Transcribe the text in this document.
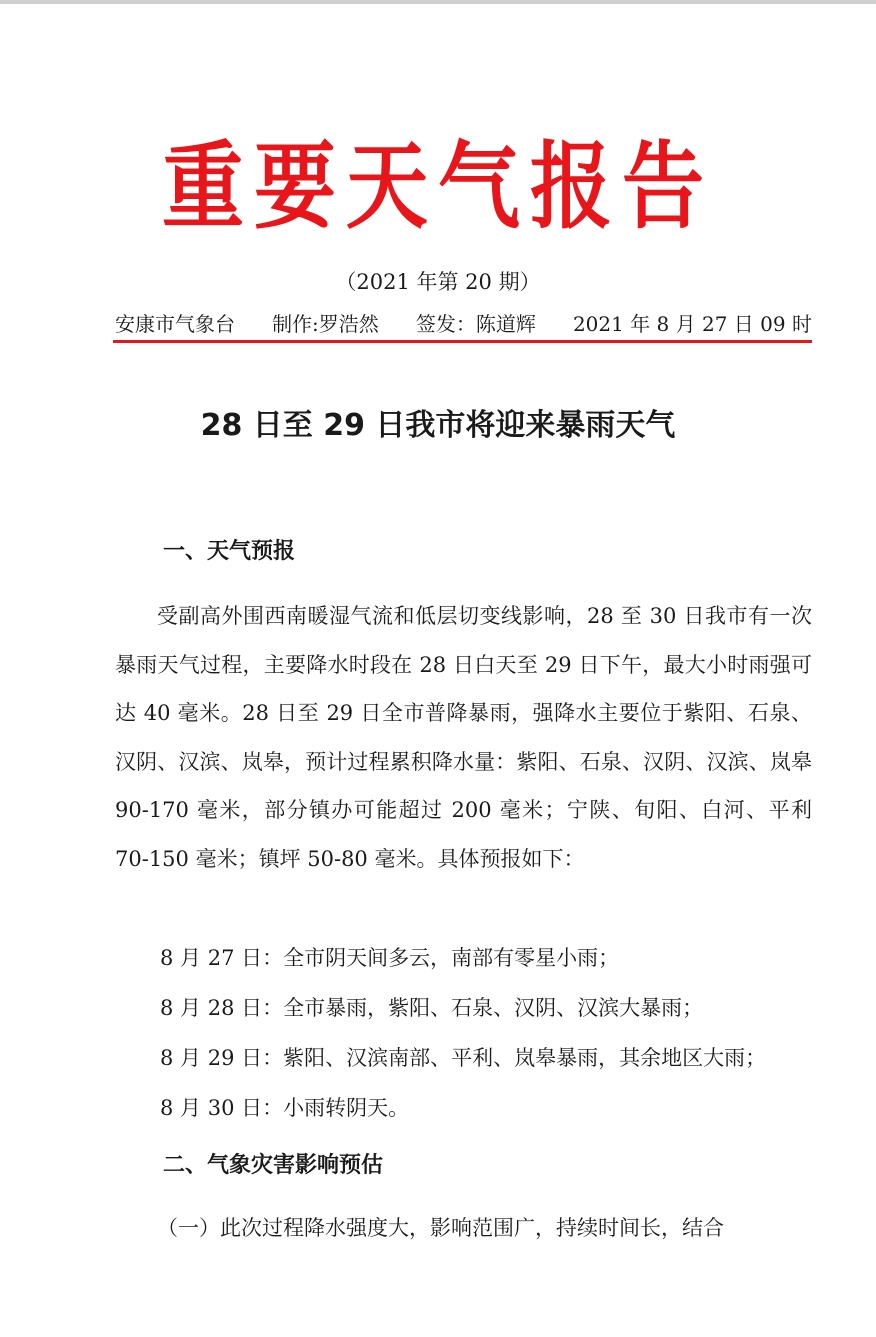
重要天气报告
（2021 年第 20 期）
安康市气象台 制作:罗浩然 签发：陈道辉 2021 年 8 月 27 日 09 时
28 日至 29 日我市将迎来暴雨天气
一、天气预报
受副高外围西南暖湿气流和低层切变线影响，28 至 30 日我市有一次暴雨天气过程，主要降水时段在 28 日白天至 29 日下午，最大小时雨强可达 40 毫米。28 日至 29 日全市普降暴雨，强降水主要位于紫阳、石泉、汉阴、汉滨、岚皋，预计过程累积降水量：紫阳、石泉、汉阴、汉滨、岚皋 90-170 毫米，部分镇办可能超过 200 毫米；宁陕、旬阳、白河、平利 70-150 毫米；镇坪 50-80 毫米。具体预报如下：
8 月 27 日：全市阴天间多云，南部有零星小雨；
8 月 28 日：全市暴雨，紫阳、石泉、汉阴、汉滨大暴雨；
8 月 29 日：紫阳、汉滨南部、平利、岚皋暴雨，其余地区大雨；
8 月 30 日：小雨转阴天。
二、气象灾害影响预估
（一）此次过程降水强度大，影响范围广，持续时间长，结合
